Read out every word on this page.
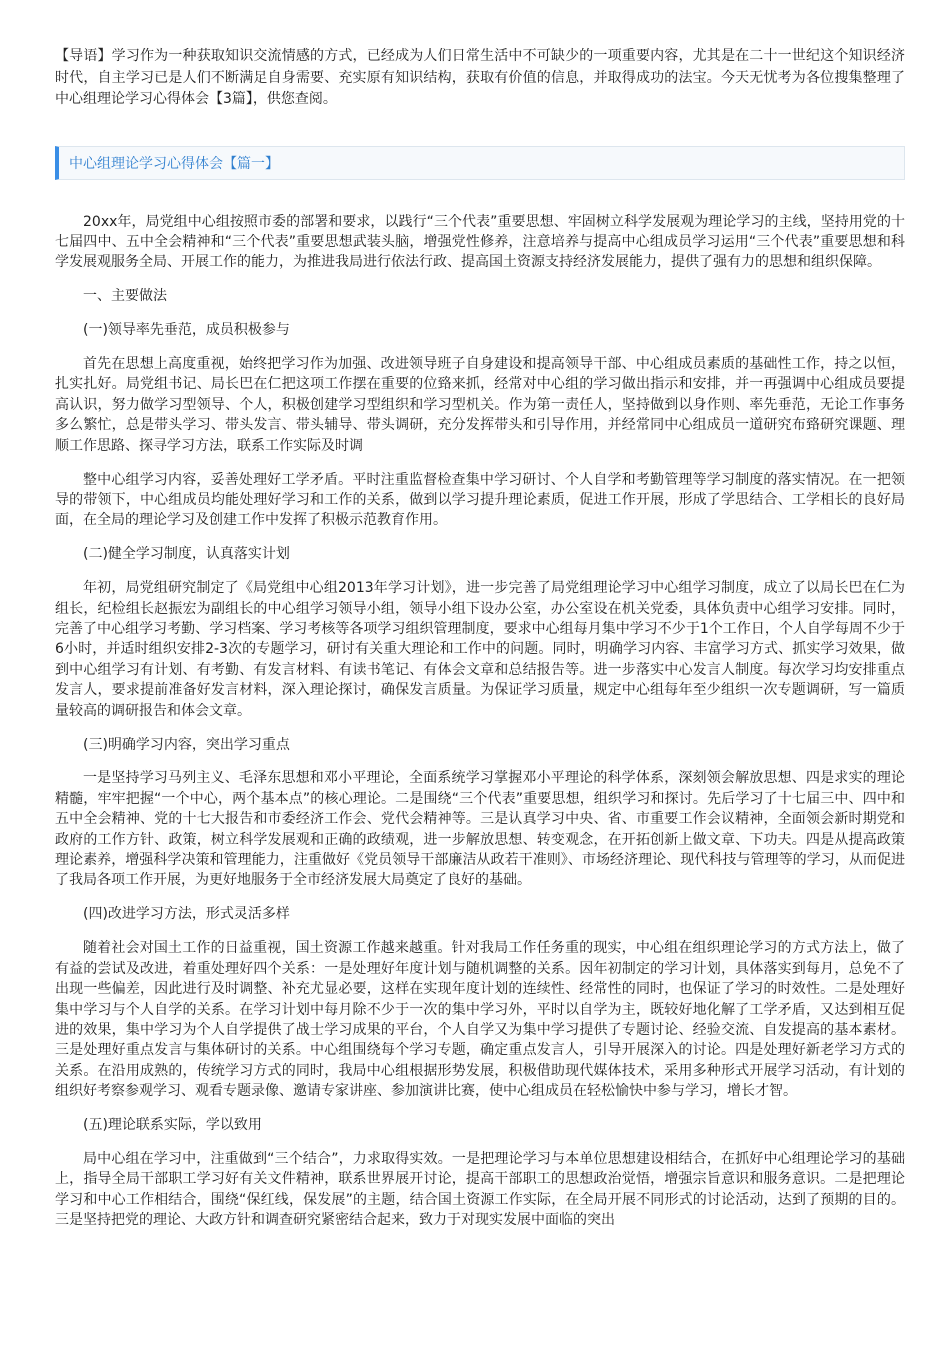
【导语】学习作为一种获取知识交流情感的方式，已经成为人们日常生活中不可缺少的一项重要内容，尤其是在二十一世纪这个知识经济时代，自主学习已是人们不断满足自身需要、充实原有知识结构，获取有价值的信息，并取得成功的法宝。今天无忧考为各位搜集整理了中心组理论学习心得体会【3篇】，供您查阅。

中心组理论学习心得体会【篇一】

20xx年，局党组中心组按照市委的部署和要求，以践行“三个代表”重要思想、牢固树立科学发展观为理论学习的主线，坚持用党的十七届四中、五中全会精神和“三个代表”重要思想武装头脑，增强党性修养，注意培养与提高中心组成员学习运用“三个代表”重要思想和科学发展观服务全局、开展工作的能力，为推进我局进行依法行政、提高国土资源支持经济发展能力，提供了强有力的思想和组织保障。

一、主要做法

(一)领导率先垂范，成员积极参与

首先在思想上高度重视，始终把学习作为加强、改进领导班子自身建设和提高领导干部、中心组成员素质的基础性工作，持之以恒，扎实扎好。局党组书记、局长巴在仁把这项工作摆在重要的位臵来抓，经常对中心组的学习做出指示和安排，并一再强调中心组成员要提高认识，努力做学习型领导、个人，积极创建学习型组织和学习型机关。作为第一责任人，坚持做到以身作则、率先垂范，无论工作事务多么繁忙，总是带头学习、带头发言、带头辅导、带头调研，充分发挥带头和引导作用，并经常同中心组成员一道研究布臵研究课题、理顺工作思路、探寻学习方法，联系工作实际及时调

整中心组学习内容，妥善处理好工学矛盾。平时注重监督检查集中学习研讨、个人自学和考勤管理等学习制度的落实情况。在一把领导的带领下，中心组成员均能处理好学习和工作的关系，做到以学习提升理论素质，促进工作开展，形成了学思结合、工学相长的良好局面，在全局的理论学习及创建工作中发挥了积极示范教育作用。

(二)健全学习制度，认真落实计划

年初，局党组研究制定了《局党组中心组2013年学习计划》，进一步完善了局党组理论学习中心组学习制度，成立了以局长巴在仁为组长，纪检组长赵振宏为副组长的中心组学习领导小组，领导小组下设办公室，办公室设在机关党委，具体负责中心组学习安排。同时，完善了中心组学习考勤、学习档案、学习考核等各项学习组织管理制度，要求中心组每月集中学习不少于1个工作日，个人自学每周不少于6小时，并适时组织安排2-3次的专题学习，研讨有关重大理论和工作中的问题。同时，明确学习内容、丰富学习方式、抓实学习效果，做到中心组学习有计划、有考勤、有发言材料、有读书笔记、有体会文章和总结报告等。进一步落实中心发言人制度。每次学习均安排重点发言人，要求提前准备好发言材料，深入理论探讨，确保发言质量。为保证学习质量，规定中心组每年至少组织一次专题调研，写一篇质量较高的调研报告和体会文章。

(三)明确学习内容，突出学习重点

一是坚持学习马列主义、毛泽东思想和邓小平理论，全面系统学习掌握邓小平理论的科学体系，深刻领会解放思想、四是求实的理论精髓，牢牢把握“一个中心，两个基本点”的核心理论。二是围绕“三个代表”重要思想，组织学习和探讨。先后学习了十七届三中、四中和五中全会精神、党的十七大报告和市委经济工作会、党代会精神等。三是认真学习中央、省、市重要工作会议精神，全面领会新时期党和政府的工作方针、政策，树立科学发展观和正确的政绩观，进一步解放思想、转变观念，在开拓创新上做文章、下功夫。四是从提高政策理论素养，增强科学决策和管理能力，注重做好《党员领导干部廉洁从政若干准则》、市场经济理论、现代科技与管理等的学习，从而促进了我局各项工作开展，为更好地服务于全市经济发展大局奠定了良好的基础。

(四)改进学习方法，形式灵活多样

随着社会对国土工作的日益重视，国土资源工作越来越重。针对我局工作任务重的现实，中心组在组织理论学习的方式方法上，做了有益的尝试及改进，着重处理好四个关系：一是处理好年度计划与随机调整的关系。因年初制定的学习计划，具体落实到每月，总免不了出现一些偏差，因此进行及时调整、补充尤显必要，这样在实现年度计划的连续性、经常性的同时，也保证了学习的时效性。二是处理好集中学习与个人自学的关系。在学习计划中每月除不少于一次的集中学习外，平时以自学为主，既较好地化解了工学矛盾，又达到相互促进的效果，集中学习为个人自学提供了战士学习成果的平台，个人自学又为集中学习提供了专题讨论、经验交流、自发提高的基本素材。三是处理好重点发言与集体研讨的关系。中心组围绕每个学习专题，确定重点发言人，引导开展深入的讨论。四是处理好新老学习方式的关系。在沿用成熟的，传统学习方式的同时，我局中心组根据形势发展，积极借助现代媒体技术，采用多种形式开展学习活动，有计划的组织好考察参观学习、观看专题录像、邀请专家讲座、参加演讲比赛，使中心组成员在轻松愉快中参与学习，增长才智。

(五)理论联系实际，学以致用

局中心组在学习中，注重做到“三个结合”，力求取得实效。一是把理论学习与本单位思想建设相结合，在抓好中心组理论学习的基础上，指导全局干部职工学习好有关文件精神，联系世界展开讨论，提高干部职工的思想政治觉悟，增强宗旨意识和服务意识。二是把理论学习和中心工作相结合，围绕“保红线，保发展”的主题，结合国土资源工作实际，在全局开展不同形式的讨论活动，达到了预期的目的。三是坚持把党的理论、大政方针和调查研究紧密结合起来，致力于对现实发展中面临的突出
